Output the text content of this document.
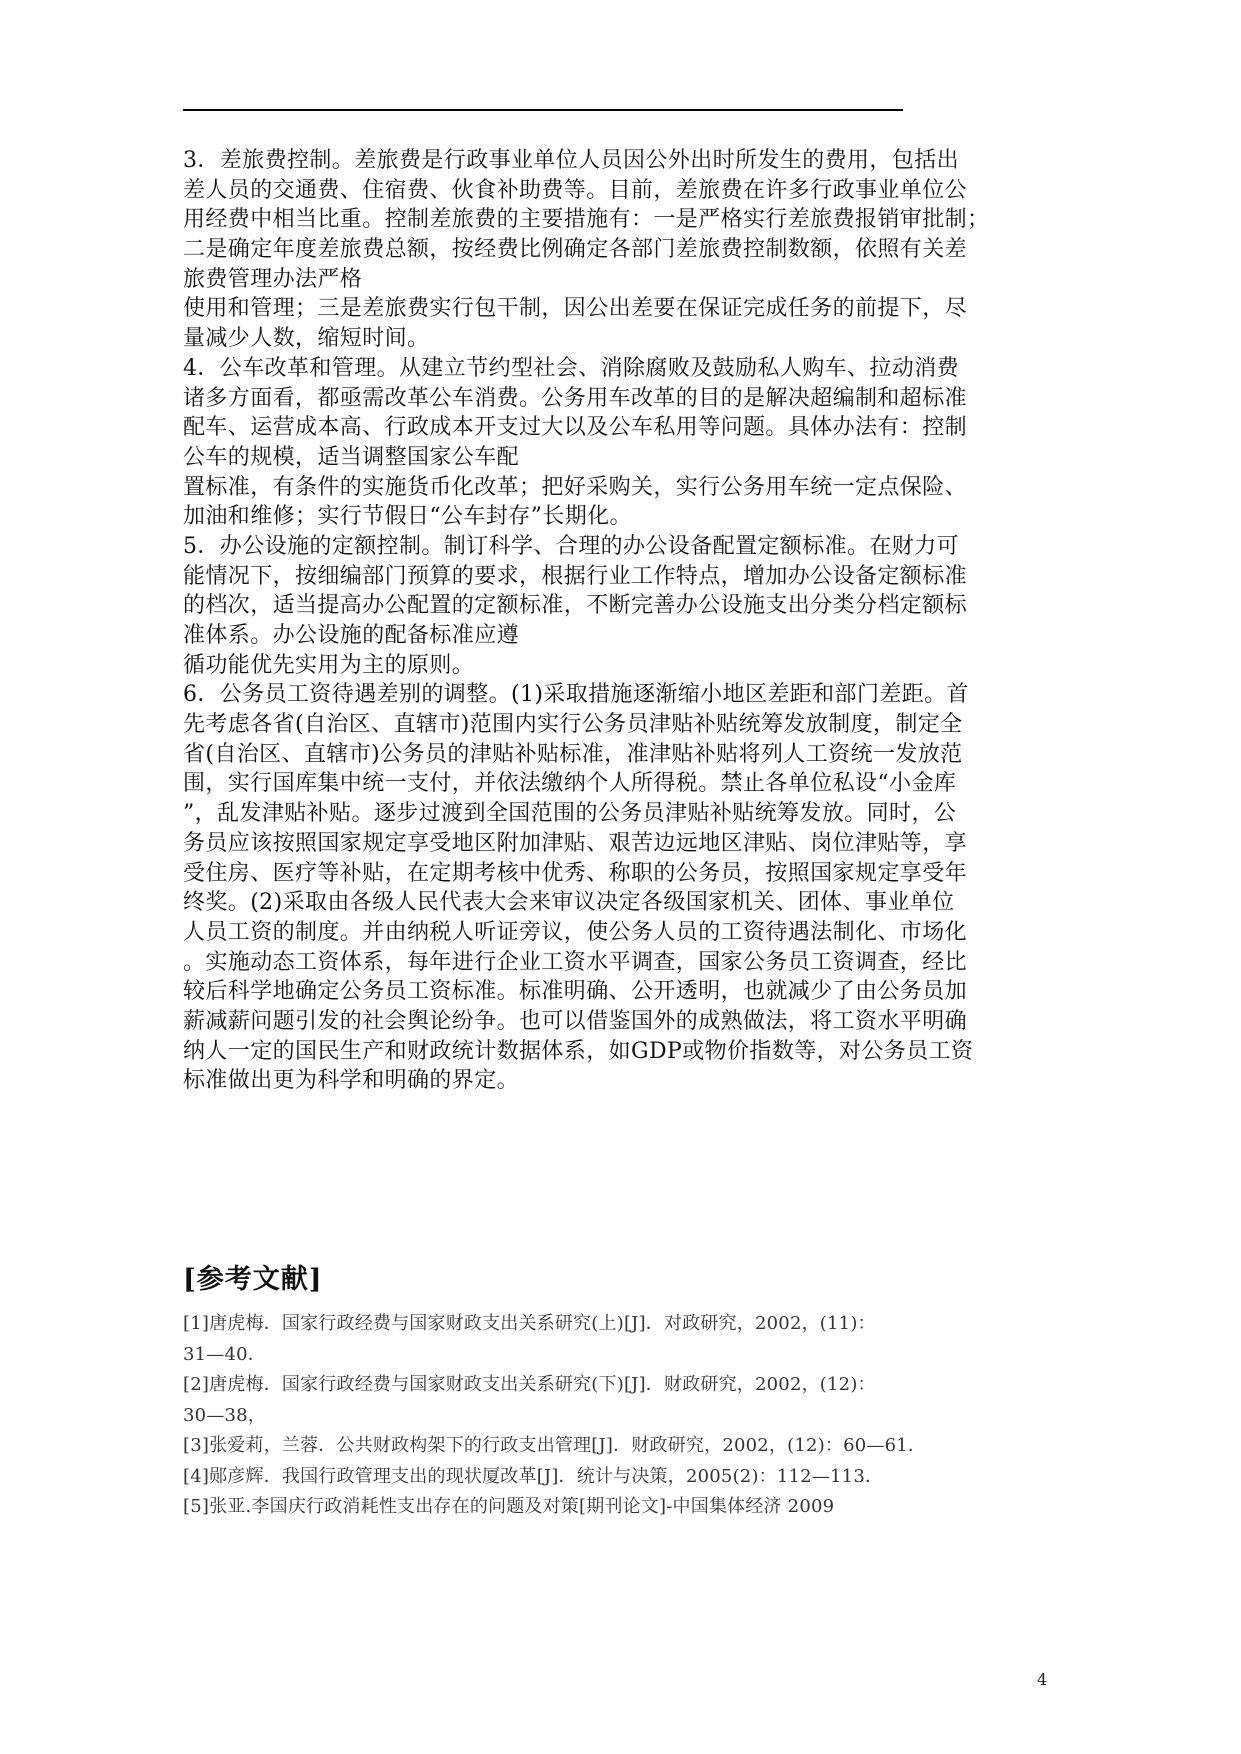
3．差旅费控制。差旅费是行政事业单位人员因公外出时所发生的费用，包括出
差人员的交通费、住宿费、伙食补助费等。目前，差旅费在许多行政事业单位公
用经费中相当比重。控制差旅费的主要措施有：一是严格实行差旅费报销审批制；
二是确定年度差旅费总额，按经费比例确定各部门差旅费控制数额，依照有关差
旅费管理办法严格
使用和管理；三是差旅费实行包干制，因公出差要在保证完成任务的前提下，尽
量减少人数，缩短时间。
4．公车改革和管理。从建立节约型社会、消除腐败及鼓励私人购车、拉动消费
诸多方面看，都亟需改革公车消费。公务用车改革的目的是解决超编制和超标准
配车、运营成本高、行政成本开支过大以及公车私用等问题。具体办法有：控制
公车的规模，适当调整国家公车配
置标准，有条件的实施货币化改革；把好采购关，实行公务用车统一定点保险、
加油和维修；实行节假日“公车封存”长期化。
5．办公设施的定额控制。制订科学、合理的办公设备配置定额标准。在财力可
能情况下，按细编部门预算的要求，根据行业工作特点，增加办公设备定额标准
的档次，适当提高办公配置的定额标准，不断完善办公设施支出分类分档定额标
准体系。办公设施的配备标准应遵
循功能优先实用为主的原则。
6．公务员工资待遇差别的调整。(1)采取措施逐渐缩小地区差距和部门差距。首
先考虑各省(自治区、直辖市)范围内实行公务员津贴补贴统筹发放制度，制定全
省(自治区、直辖市)公务员的津贴补贴标准，准津贴补贴将列人工资统一发放范
围，实行国库集中统一支付，并依法缴纳个人所得税。禁止各单位私设“小金库
”，乱发津贴补贴。逐步过渡到全国范围的公务员津贴补贴统筹发放。同时，公
务员应该按照国家规定享受地区附加津贴、艰苦边远地区津贴、岗位津贴等，享
受住房、医疗等补贴，在定期考核中优秀、称职的公务员，按照国家规定享受年
终奖。(2)采取由各级人民代表大会来审议决定各级国家机关、团体、事业单位
人员工资的制度。并由纳税人听证旁议，使公务人员的工资待遇法制化、市场化
。实施动态工资体系，每年进行企业工资水平调查，国家公务员工资调查，经比
较后科学地确定公务员工资标准。标准明确、公开透明，也就减少了由公务员加
薪减薪问题引发的社会舆论纷争。也可以借鉴国外的成熟做法，将工资水平明确
纳人一定的国民生产和财政统计数据体系，如GDP或物价指数等，对公务员工资
标准做出更为科学和明确的界定。
[参考文献]
[1]唐虎梅．国家行政经费与国家财政支出关系研究(上)[J]．对政研究，2002，(11)：
31—40．
[2]唐虎梅．国家行政经费与国家财政支出关系研究(下)[J]．财政研究，2002，(12)：
30—38，
[3]张爱莉，兰蓉．公共财政构架下的行政支出管理[J]．财政研究，2002，(12)：60—61．
[4]郧彦辉．我国行政管理支出的现状厦改革[J]．统计与决策，2005(2)：112—113．
[5]张亚.李国庆行政消耗性支出存在的问题及对策[期刊论文]-中国集体经济 2009
4
